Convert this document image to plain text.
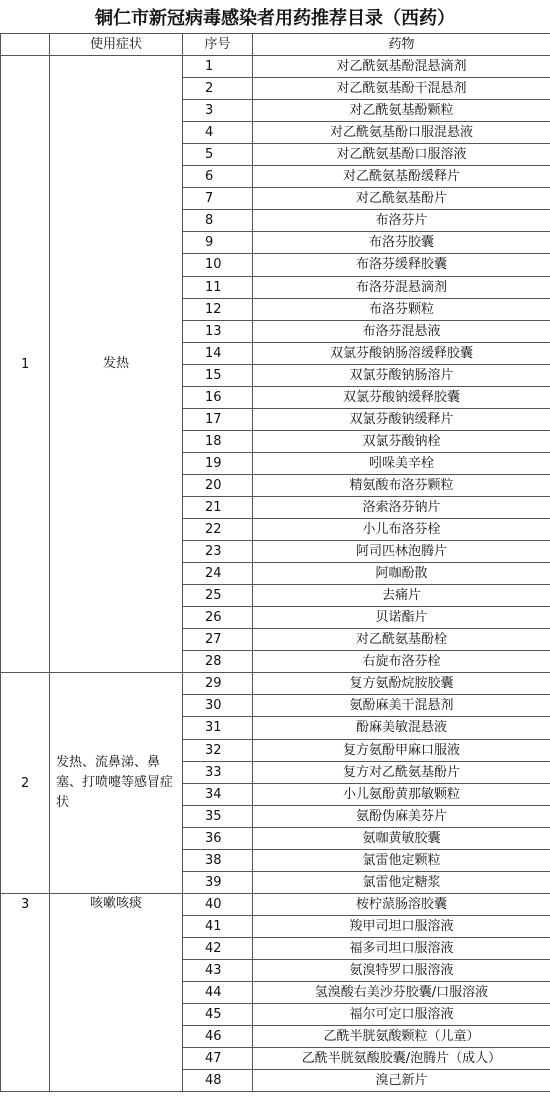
铜仁市新冠病毒感染者用药推荐目录（西药）
	使用症状	序号	药物
1	发热	1	对乙酰氨基酚混悬滴剂
		2	对乙酰氨基酚干混悬剂
		3	对乙酰氨基酚颗粒
		4	对乙酰氨基酚口服混悬液
		5	对乙酰氨基酚口服溶液
		6	对乙酰氨基酚缓释片
		7	对乙酰氨基酚片
		8	布洛芬片
		9	布洛芬胶囊
		10	布洛芬缓释胶囊
		11	布洛芬混悬滴剂
		12	布洛芬颗粒
		13	布洛芬混悬液
		14	双氯芬酸钠肠溶缓释胶囊
		15	双氯芬酸钠肠溶片
		16	双氯芬酸钠缓释胶囊
		17	双氯芬酸钠缓释片
		18	双氯芬酸钠栓
		19	吲哚美辛栓
		20	精氨酸布洛芬颗粒
		21	洛索洛芬钠片
		22	小儿布洛芬栓
		23	阿司匹林泡腾片
		24	阿咖酚散
		25	去痛片
		26	贝诺酯片
		27	对乙酰氨基酚栓
		28	右旋布洛芬栓
2	发热、流鼻涕、鼻塞、打喷嚏等感冒症状	29	复方氨酚烷胺胶囊
		30	氨酚麻美干混悬剂
		31	酚麻美敏混悬液
		32	复方氨酚甲麻口服液
		33	复方对乙酰氨基酚片
		34	小儿氨酚黄那敏颗粒
		35	氨酚伪麻美芬片
		36	氨咖黄敏胶囊
		38	氯雷他定颗粒
		39	氯雷他定糖浆
3	咳嗽咳痰	40	桉柠蒎肠溶胶囊
		41	羧甲司坦口服溶液
		42	福多司坦口服溶液
		43	氨溴特罗口服溶液
		44	氢溴酸右美沙芬胶囊/口服溶液
		45	福尔可定口服溶液
		46	乙酰半胱氨酸颗粒（儿童）
		47	乙酰半胱氨酸胶囊/泡腾片（成人）
		48	溴己新片
